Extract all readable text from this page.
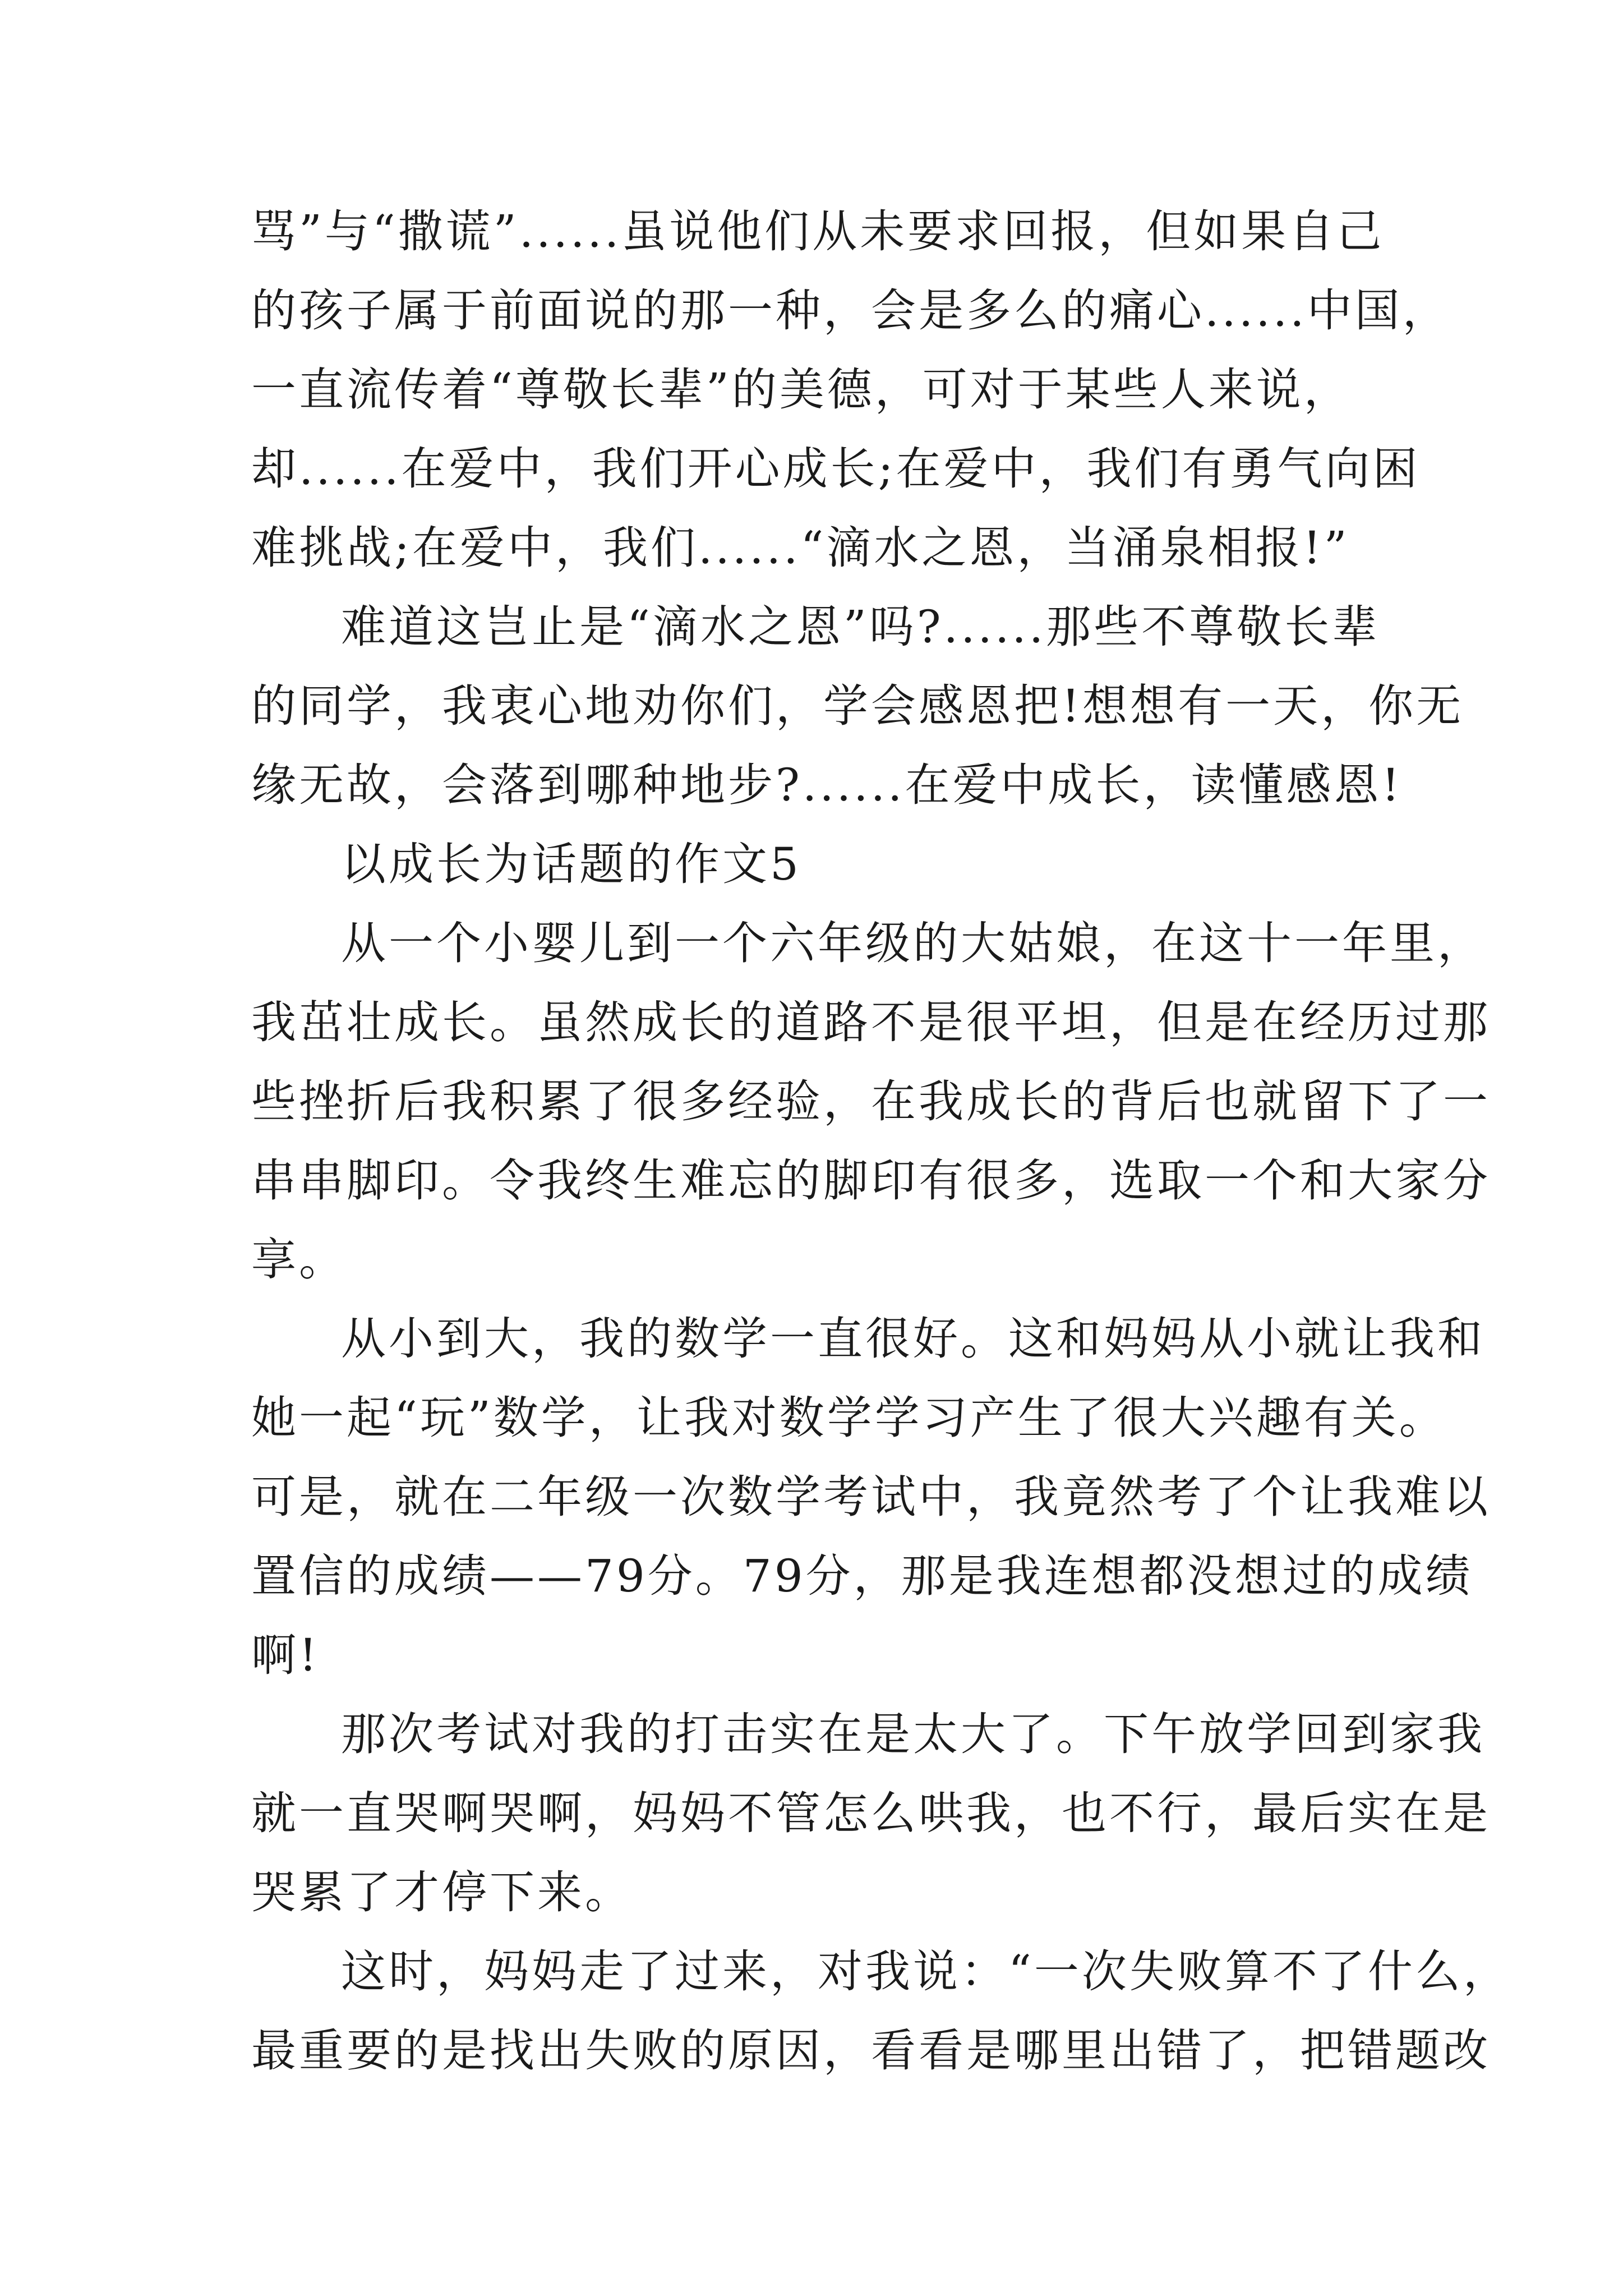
骂”与“撒谎”......虽说他们从未要求回报，但如果自己
的孩子属于前面说的那一种，会是多么的痛心......中国，
一直流传着“尊敬长辈”的美德，可对于某些人来说，
却......在爱中，我们开心成长;在爱中，我们有勇气向困
难挑战;在爱中，我们......“滴水之恩，当涌泉相报!”
难道这岂止是“滴水之恩”吗?......那些不尊敬长辈
的同学，我衷心地劝你们，学会感恩把!想想有一天，你无
缘无故，会落到哪种地步?......在爱中成长，读懂感恩!
以成长为话题的作文5
从一个小婴儿到一个六年级的大姑娘，在这十一年里，
我茁壮成长。虽然成长的道路不是很平坦，但是在经历过那
些挫折后我积累了很多经验，在我成长的背后也就留下了一
串串脚印。令我终生难忘的脚印有很多，选取一个和大家分
享。
从小到大，我的数学一直很好。这和妈妈从小就让我和
她一起“玩”数学，让我对数学学习产生了很大兴趣有关。
可是，就在二年级一次数学考试中，我竟然考了个让我难以
置信的成绩——79分。79分，那是我连想都没想过的成绩
啊!
那次考试对我的打击实在是太大了。下午放学回到家我
就一直哭啊哭啊，妈妈不管怎么哄我，也不行，最后实在是
哭累了才停下来。
这时，妈妈走了过来，对我说：“一次失败算不了什么，
最重要的是找出失败的原因，看看是哪里出错了，把错题改
